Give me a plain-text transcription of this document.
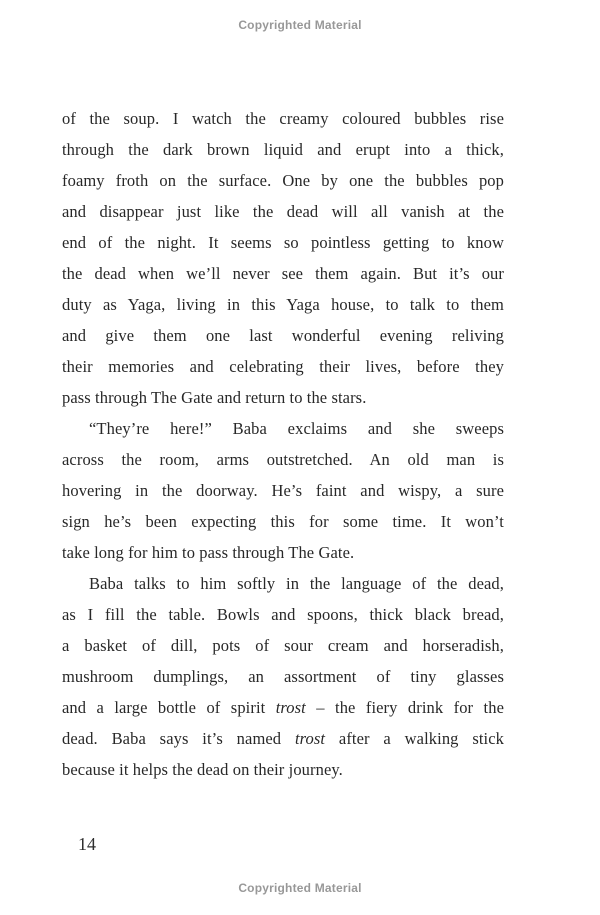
Copyrighted Material
of the soup. I watch the creamy coloured bubbles rise
through the dark brown liquid and erupt into a thick,
foamy froth on the surface. One by one the bubbles pop
and disappear just like the dead will all vanish at the
end of the night. It seems so pointless getting to know
the dead when we’ll never see them again. But it’s our
duty as Yaga, living in this Yaga house, to talk to them
and give them one last wonderful evening reliving
their memories and celebrating their lives, before they
pass through The Gate and return to the stars.
“They’re here!” Baba exclaims and she sweeps
across the room, arms outstretched. An old man is
hovering in the doorway. He’s faint and wispy, a sure
sign he’s been expecting this for some time. It won’t
take long for him to pass through The Gate.
Baba talks to him softly in the language of the dead,
as I fill the table. Bowls and spoons, thick black bread,
a basket of dill, pots of sour cream and horseradish,
mushroom dumplings, an assortment of tiny glasses
and a large bottle of spirit trost – the fiery drink for the
dead. Baba says it’s named trost after a walking stick
because it helps the dead on their journey.
14
Copyrighted Material
